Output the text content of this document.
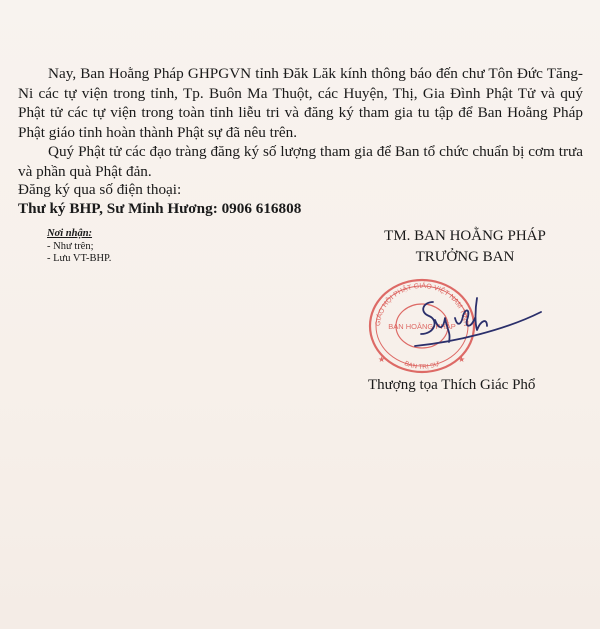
Nay, Ban Hoằng Pháp GHPGVN tỉnh Đăk Lăk kính thông báo đến chư Tôn Đức Tăng-Ni các tự viện trong tỉnh, Tp. Buôn Ma Thuột, các Huyện, Thị, Gia Đình Phật Tử và quý Phật tử các tự viện trong toàn tỉnh liễu tri và đăng ký tham gia tu tập để Ban Hoằng Pháp Phật giáo tỉnh hoàn thành Phật sự đã nêu trên.

Quý Phật tử các đạo tràng đăng ký số lượng tham gia để Ban tổ chức chuẩn bị cơm trưa và phần quà Phật đản.

Đăng ký qua số điện thoại:
Thư ký BHP, Sư Minh Hương: 0906 616808
Nơi nhận:
- Như trên;
- Lưu VT-BHP.
TM. BAN HOẰNG PHÁP
TRƯỞNG BAN
GIÁO HỘI PHẬT GIÁO VIỆT NAM TỈNH
BAN HOẰNG PHÁP
BAN TRỊ SỰ
★	★
Thượng tọa Thích Giác Phổ
